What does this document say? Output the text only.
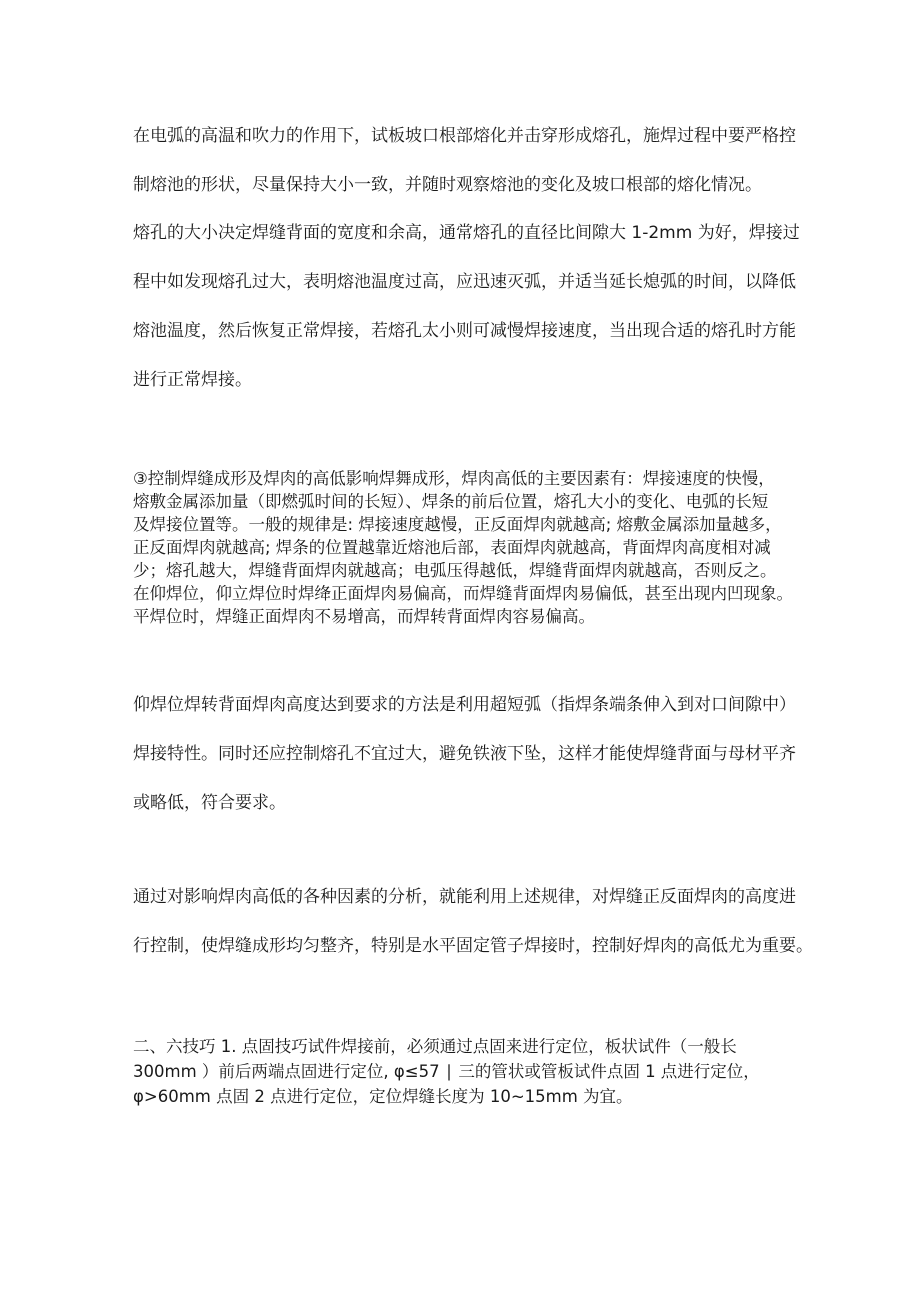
在电弧的高温和吹力的作用下，试板坡口根部熔化并击穿形成熔孔，施焊过程中要严格控
制熔池的形状，尽量保持大小一致，并随时观察熔池的变化及坡口根部的熔化情况。
熔孔的大小决定焊缝背面的宽度和余高，通常熔孔的直径比间隙大 1-2mm 为好，焊接过
程中如发现熔孔过大，表明熔池温度过高，应迅速灭弧，并适当延长熄弧的时间，以降低
熔池温度，然后恢复正常焊接，若熔孔太小则可减慢焊接速度，当出现合适的熔孔时方能
进行正常焊接。
③控制焊缝成形及焊肉的高低影响焊舞成形，焊肉高低的主要因素有：焊接速度的快慢，
熔敷金属添加量（即燃弧时间的长短）、焊条的前后位置，熔孔大小的变化、电弧的长短
及焊接位置等。一般的规律是: 焊接速度越慢，正反面焊肉就越高; 熔敷金属添加量越多，
正反面焊肉就越高; 焊条的位置越靠近熔池后部，表面焊肉就越高，背面焊肉高度相对减
少；熔孔越大，焊缝背面焊肉就越高；电弧压得越低，焊缝背面焊肉就越高，否则反之。
在仰焊位，仰立焊位时焊绛正面焊肉易偏高，而焊缝背面焊肉易偏低，甚至出现内凹现象。
平焊位时，焊缝正面焊肉不易增高，而焊转背面焊肉容易偏高。
仰焊位焊转背面焊肉高度达到要求的方法是利用超短弧（指焊条端条伸入到对口间隙中）
焊接特性。同时还应控制熔孔不宜过大，避免铁液下坠，这样才能使焊缝背面与母材平齐
或略低，符合要求。
通过对影响焊肉高低的各种因素的分析，就能利用上述规律，对焊缝正反面焊肉的高度进
行控制，使焊缝成形均匀整齐，特别是水平固定管子焊接时，控制好焊肉的高低尤为重要。
二、六技巧 1. 点固技巧试件焊接前，必须通过点固来进行定位，板状试件（一般长
300mm ）前后两端点固进行定位, φ≤57 ∣ 三的管状或管板试件点固 1 点进行定位，
φ>60mm 点固 2 点进行定位，定位焊缝长度为 10~15mm 为宜。
